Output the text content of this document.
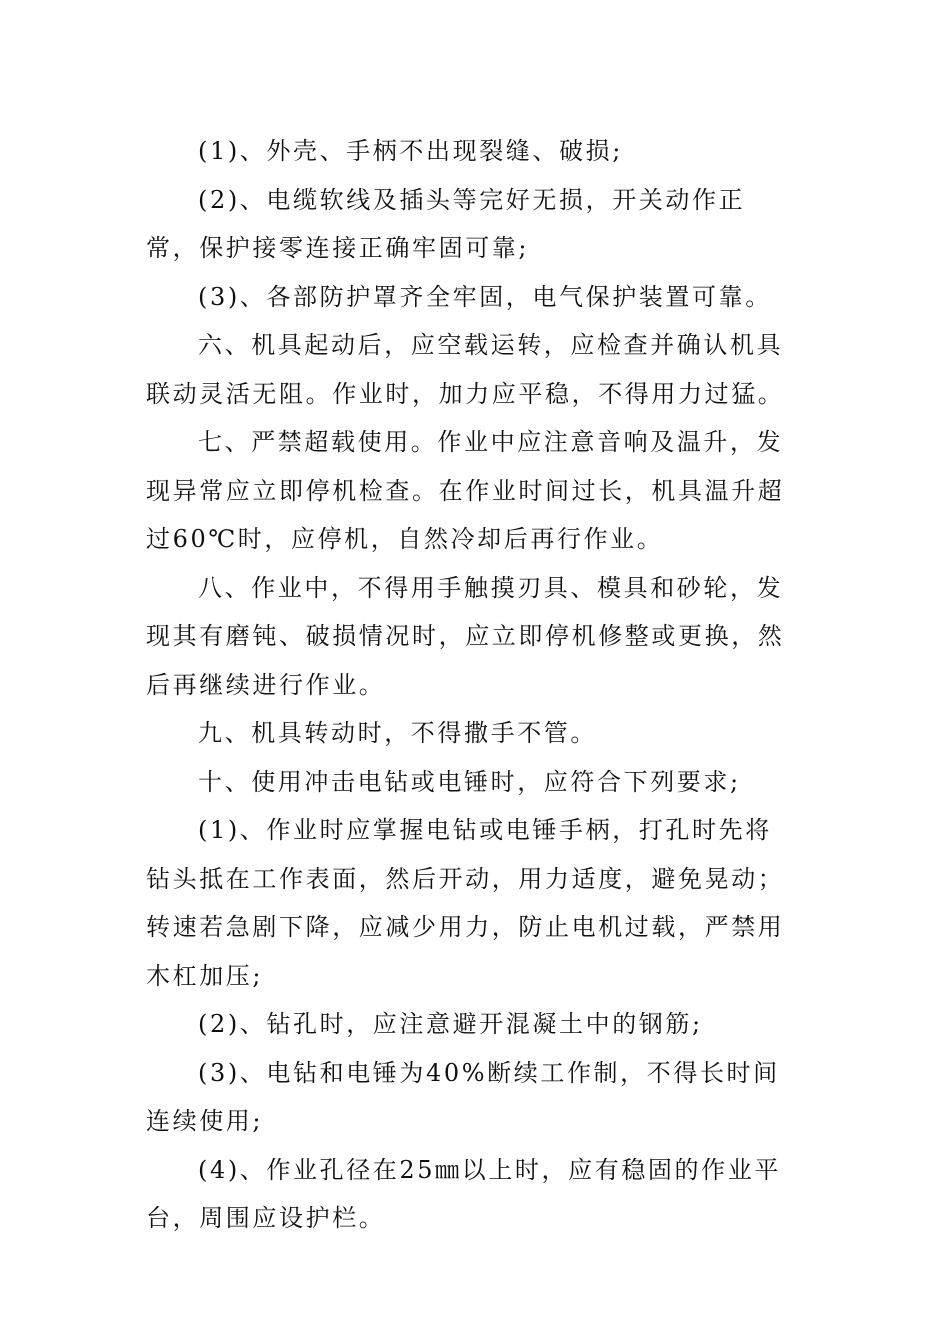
(1)、外壳、手柄不出现裂缝、破损;

(2)、电缆软线及插头等完好无损，开关动作正常，保护接零连接正确牢固可靠;

(3)、各部防护罩齐全牢固，电气保护装置可靠。

六、机具起动后，应空载运转，应检查并确认机具联动灵活无阻。作业时，加力应平稳，不得用力过猛。

七、严禁超载使用。作业中应注意音响及温升，发现异常应立即停机检查。在作业时间过长，机具温升超过60℃时，应停机，自然冷却后再行作业。

八、作业中，不得用手触摸刃具、模具和砂轮，发现其有磨钝、破损情况时，应立即停机修整或更换，然后再继续进行作业。

九、机具转动时，不得撒手不管。

十、使用冲击电钻或电锤时，应符合下列要求;

(1)、作业时应掌握电钻或电锤手柄，打孔时先将钻头抵在工作表面，然后开动，用力适度，避免晃动；转速若急剧下降，应减少用力，防止电机过载，严禁用木杠加压;

(2)、钻孔时，应注意避开混凝土中的钢筋;

(3)、电钻和电锤为40%断续工作制，不得长时间连续使用;

(4)、作业孔径在25㎜以上时，应有稳固的作业平台，周围应设护栏。
